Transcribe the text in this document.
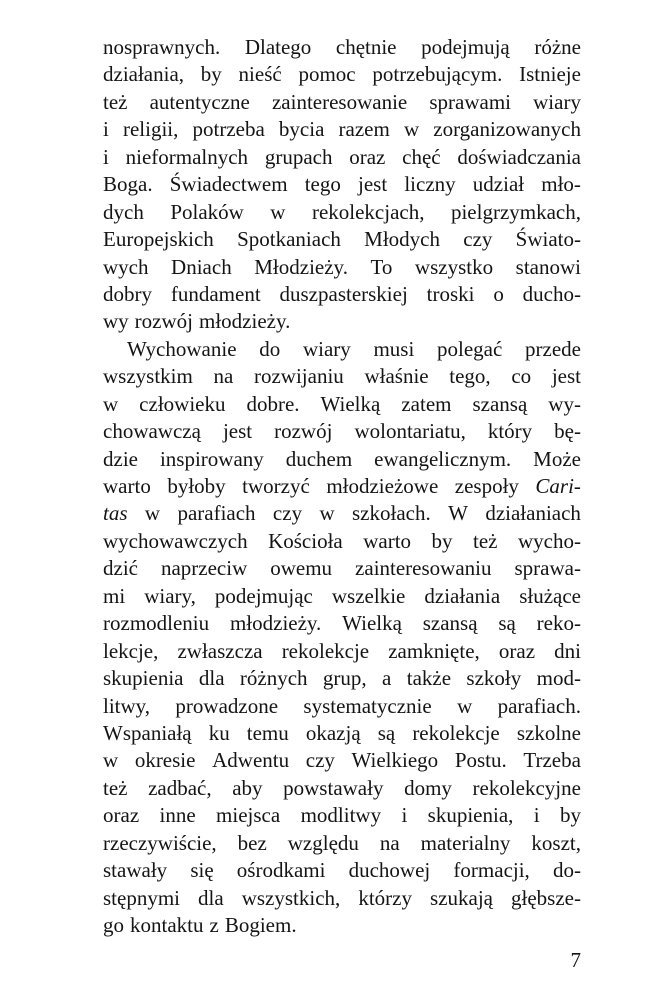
nosprawnych. Dlatego chętnie podejmują różne
działania, by nieść pomoc potrzebującym. Istnieje
też autentyczne zainteresowanie sprawami wiary
i religii, potrzeba bycia razem w zorganizowanych
i nieformalnych grupach oraz chęć doświadczania
Boga. Świadectwem tego jest liczny udział mło-
dych Polaków w rekolekcjach, pielgrzymkach,
Europejskich Spotkaniach Młodych czy Świato-
wych Dniach Młodzieży. To wszystko stanowi
dobry fundament duszpasterskiej troski o ducho-
wy rozwój młodzieży.
Wychowanie do wiary musi polegać przede
wszystkim na rozwijaniu właśnie tego, co jest
w człowieku dobre. Wielką zatem szansą wy-
chowawczą jest rozwój wolontariatu, który bę-
dzie inspirowany duchem ewangelicznym. Może
warto byłoby tworzyć młodzieżowe zespoły Cari-
tas w parafiach czy w szkołach. W działaniach
wychowawczych Kościoła warto by też wycho-
dzić naprzeciw owemu zainteresowaniu sprawa-
mi wiary, podejmując wszelkie działania służące
rozmodleniu młodzieży. Wielką szansą są reko-
lekcje, zwłaszcza rekolekcje zamknięte, oraz dni
skupienia dla różnych grup, a także szkoły mod-
litwy, prowadzone systematycznie w parafiach.
Wspaniałą ku temu okazją są rekolekcje szkolne
w okresie Adwentu czy Wielkiego Postu. Trzeba
też zadbać, aby powstawały domy rekolekcyjne
oraz inne miejsca modlitwy i skupienia, i by
rzeczywiście, bez względu na materialny koszt,
stawały się ośrodkami duchowej formacji, do-
stępnymi dla wszystkich, którzy szukają głębsze-
go kontaktu z Bogiem.
7
